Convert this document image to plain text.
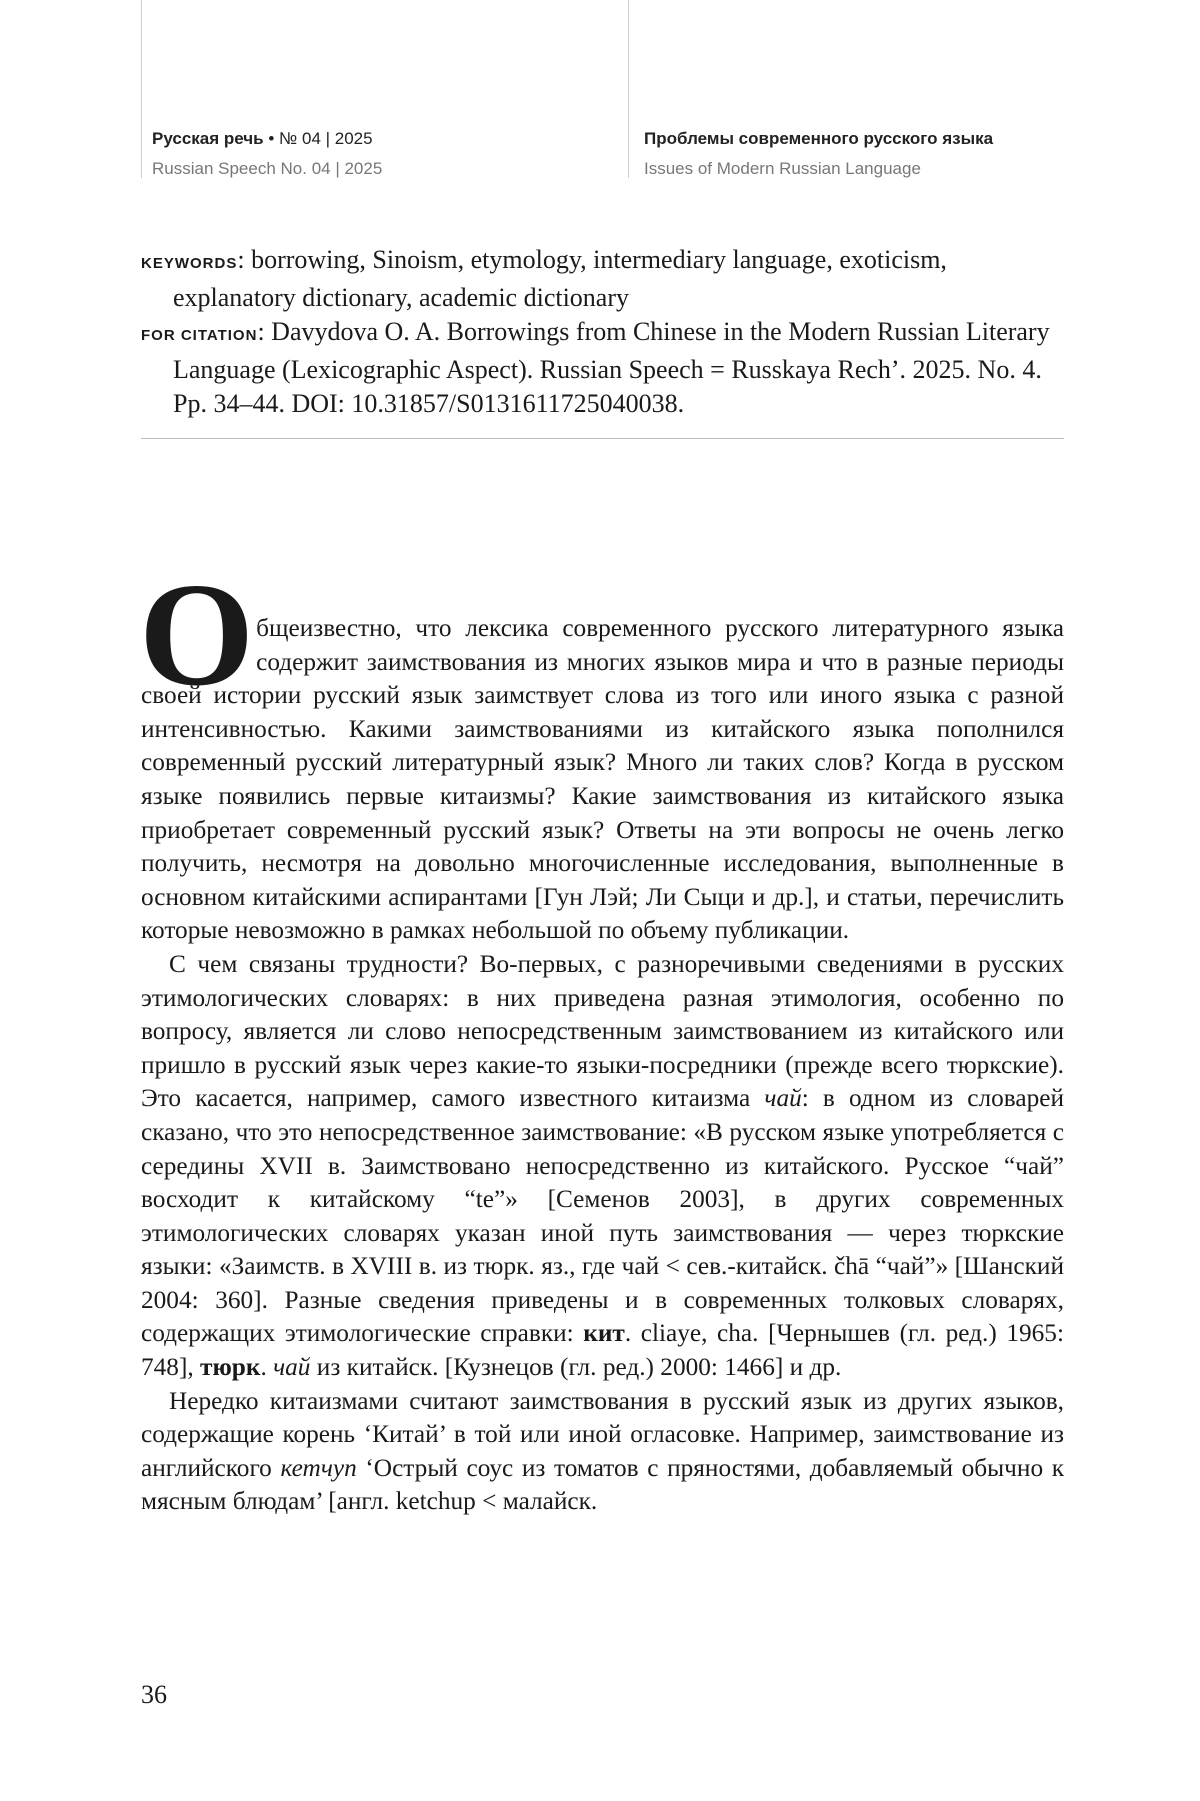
Русская речь • № 04 | 2025
Russian Speech No. 04 | 2025
Проблемы современного русского языка
Issues of Modern Russian Language

KEYWORDS: borrowing, Sinoism, etymology, intermediary language, exoticism, explanatory dictionary, academic dictionary

FOR CITATION: Davydova O. A. Borrowings from Chinese in the Modern Russian Literary Language (Lexicographic Aspect). Russian Speech = Russkaya Rech’. 2025. No. 4. Pp. 34–44. DOI: 10.31857/S0131611725040038.

Общеизвестно, что лексика современного русского литературного языка содержит заимствования из многих языков мира и что в разные периоды своей истории русский язык заимствует слова из того или иного языка с разной интенсивностью. Какими заимствованиями из китайского языка пополнился современный русский литературный язык? Много ли таких слов? Когда в русском языке появились первые китаизмы? Какие заимствования из китайского языка приобретает современный русский язык? Ответы на эти вопросы не очень легко получить, несмотря на довольно многочисленные исследования, выполненные в основном китайскими аспирантами [Гун Лэй; Ли Сыци и др.], и статьи, перечислить которые невозможно в рамках небольшой по объему публикации.

С чем связаны трудности? Во-первых, с разноречивыми сведениями в русских этимологических словарях: в них приведена разная этимология, особенно по вопросу, является ли слово непосредственным заимствованием из китайского или пришло в русский язык через какие-то языки-посредники (прежде всего тюркские). Это касается, например, самого известного китаизма чай: в одном из словарей сказано, что это непосредственное заимствование: «В русском языке употребляется с середины XVII в. Заимствовано непосредственно из китайского. Русское “чай” восходит к китайскому “te”» [Семенов 2003], в других современных этимологических словарях указан иной путь заимствования — через тюркские языки: «Заимств. в XVIII в. из тюрк. яз., где чай < сев.-китайск. čhā “чай”» [Шанский 2004: 360]. Разные сведения приведены и в современных толковых словарях, содержащих этимологические справки: кит. cliaye, cha. [Чернышев (гл. ред.) 1965: 748], тюрк. чай из китайск. [Кузнецов (гл. ред.) 2000: 1466] и др.

Нередко китаизмами считают заимствования в русский язык из других языков, содержащие корень ‘Китай’ в той или иной огласовке. Например, заимствование из английского кетчуп ‘Острый соус из томатов с пряностями, добавляемый обычно к мясным блюдам’ [англ. ketchup < малайск.

36
